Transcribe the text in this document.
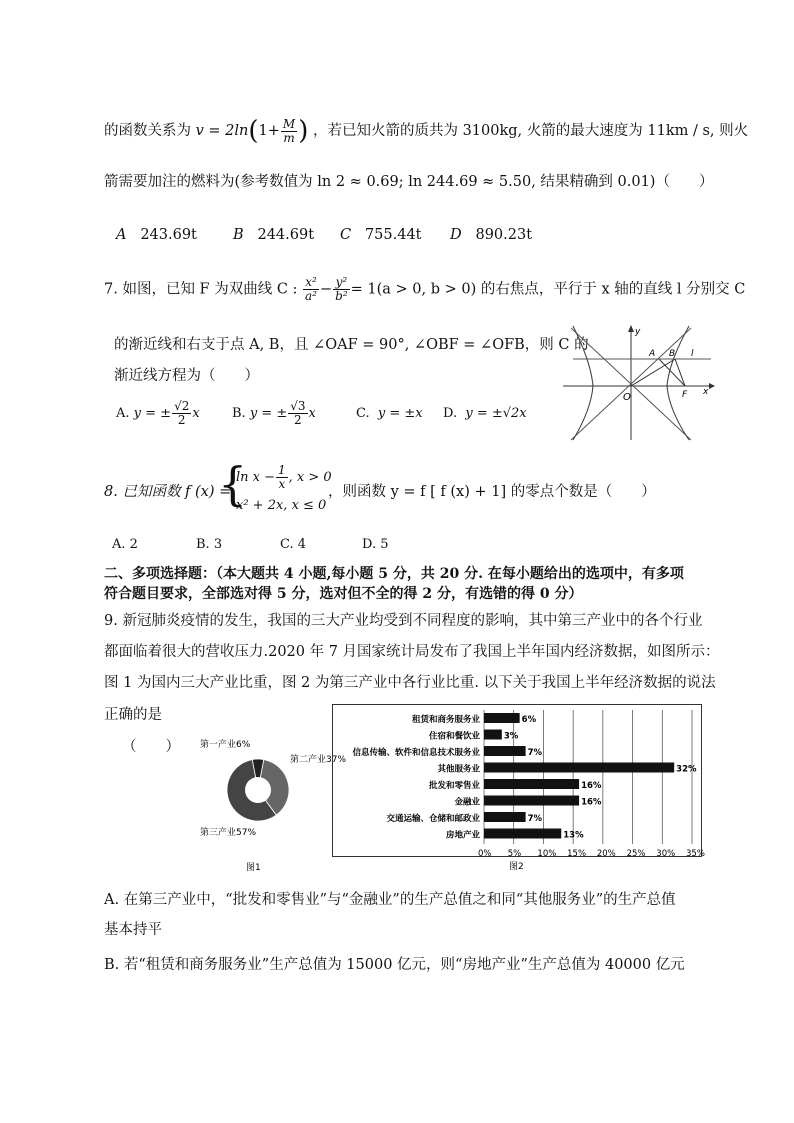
的函数关系为 $v = 2\ln(1+ \frac{M}{m}$ ) ，若已知火箭的质共为 3100kg, 火箭的最大速度为 11km / s, 则火
箭需要加注的燃料为(参考数值为 ln 2 ≈ 0.69; ln 244.69 ≈ 5.50, 结果精确到 0.01)（　　）
A 243.69t B 244.69t C 755.44t D 890.23t
7. 如图，已知 F 为双曲线 C : $\frac{\text{x²}}{\text{a²}} - \frac{\text{y²}}{\text{b²}} = 1(a > 0$, b > 0) 的右焦点，平行于 x 轴的直线 l 分别交 C
的渐近线和右支于点 A, B，且 ∠OAF = 90°, ∠OBF = ∠OFB，则 C 的
渐近线方程为（　　）
A. y = ± $\frac{√2}{2}$ x B. y = ± $\frac{√3}{2}$ x	C. y = ±x D. y = ±√2x
y
x
O
A B
F
l
8. 已知函数 f (x) =
{
$\ln x - \frac{1}{x}$ , x > 0
x² + 2x, x ≤ 0
，则函数 y = f [ f (x) + 1] 的零点个数是（　　）
A. 2	B. 3	C. 4	D. 5
二、多项选择题：（本大题共 4 小题,每小题 5 分，共 20 分. 在每小题给出的选项中，有多项
符合题目要求，全部选对得 5 分，选对但不全的得 2 分，有选错的得 0 分）
9. 新冠肺炎疫情的发生，我国的三大产业均受到不同程度的影响，其中第三产业中的各个行业
都面临着很大的营收压力.2020 年 7 月国家统计局发布了我国上半年国内经济数据，如图所示：
图 1 为国内三大产业比重，图 2 为第三产业中各行业比重. 以下关于我国上半年经济数据的说法
正确的是
（　　） 第一产业6%
第二产业37%
第三产业57%
图1
0% 5% 10% 15% 20% 25% 30% 35%
租赁和商务服务业	6%
住宿和餐饮业	3%
信息传输、软件和信息技术服务业	7%
其他服务业	32%
批发和零售业	16%
金融业	16%
交通运输、仓储和邮政业	7%
房地产业	13%
图2
A. 在第三产业中，“批发和零售业”与“金融业”的生产总值之和同“其他服务业”的生产总值
基本持平
B. 若“租赁和商务服务业”生产总值为 15000 亿元，则“房地产业”生产总值为 40000 亿元
